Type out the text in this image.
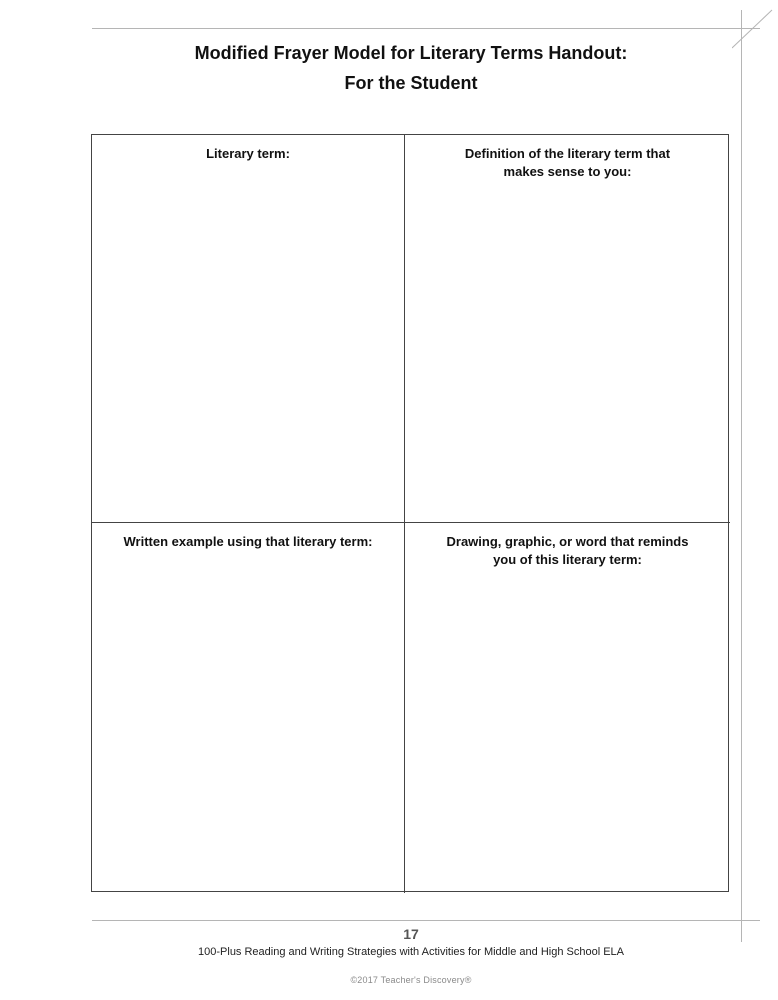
Modified Frayer Model for Literary Terms Handout:
For the Student
Literary term:	Definition of the literary term that
makes sense to you:
Written example using that literary term:	Drawing, graphic, or word that reminds
you of this literary term:
17
100-Plus Reading and Writing Strategies with Activities for Middle and High School ELA
©2017 Teacher's Discovery®
